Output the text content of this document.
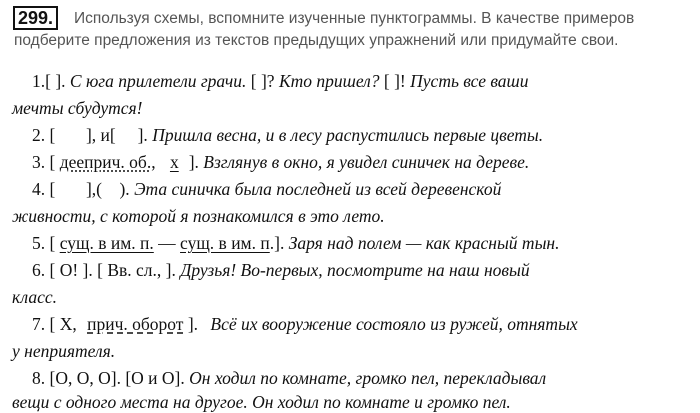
299.	Используя схемы, вспомните изученные пунктограммы. В качестве примеров
подберите предложения из текстов предыдущих упражнений или придумайте свои.
1.[ ]. С юга прилетели грачи. [ ]? Кто пришел? [ ]! Пусть все ваши
мечты сбудутся!
2. [       ], и[     ]. Пришла весна, и в лесу распустились первые цветы.
3. [ дееприч. об., x ]. Взглянув в окно, я увидел синичек на дереве.
4. [       ],(    ). Эта синичка была последней из всей деревенской
живности, с которой я познакомился в это лето.
5. [ сущ. в им. п. — сущ. в им. п.]. Заря над полем — как красный тын.
6. [ О! ]. [ Вв. сл., ]. Друзья! Во-первых, посмотрите на наш новый
класс.
7. [ X, прич. оборот ]. Всё их вооружение состояло из ружей, отнятых
у неприятеля.
8. [O, O, O]. [O и O]. Он ходил по комнате, громко пел, перекладывал
вещи с одного места на другое. Он ходил по комнате и громко пел.
